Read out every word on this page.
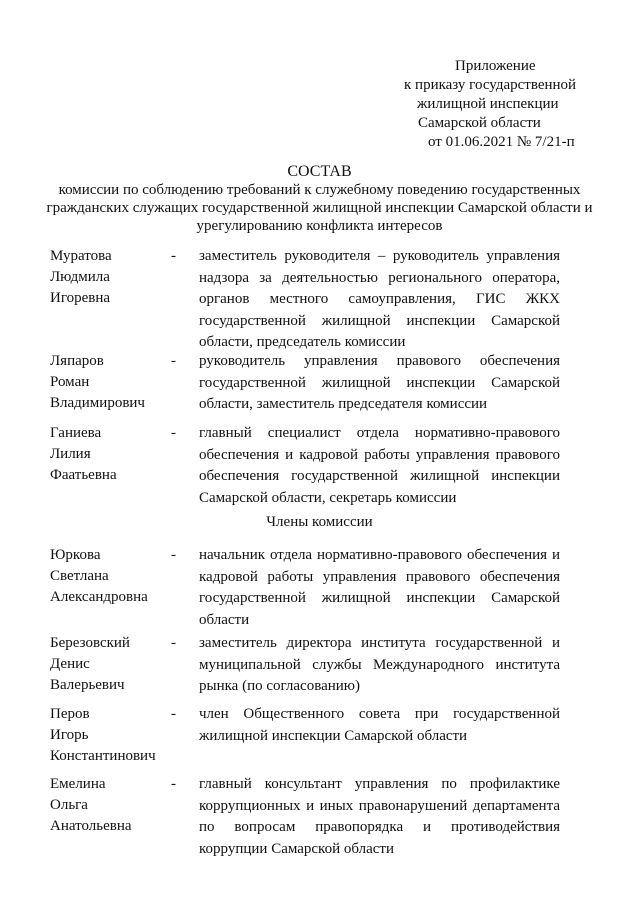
Приложение
к приказу государственной
жилищной инспекции
Самарской области
от 01.06.2021 № 7/21-п
СОСТАВ
комиссии по соблюдению требований к служебному поведению государственных
гражданских служащих государственной жилищной инспекции Самарской области и
урегулированию конфликта интересов
Муратова
Людмила
Игоревна
- заместитель руководителя – руководитель управления
надзора за деятельностью регионального оператора,
органов местного самоуправления, ГИС ЖКХ
государственной жилищной инспекции Самарской
области, председатель комиссии
Ляпаров
Роман
Владимирович
- руководитель управления правового обеспечения
государственной жилищной инспекции Самарской
области, заместитель председателя комиссии
Ганиева
Лилия
Фаатьевна
- главный специалист отдела нормативно-правового
обеспечения и кадровой работы управления правового
обеспечения государственной жилищной инспекции
Самарской области, секретарь комиссии
Члены комиссии
Юркова
Светлана
Александровна
- начальник отдела нормативно-правового обеспечения и
кадровой работы управления правового обеспечения
государственной жилищной инспекции Самарской
области
Березовский
Денис
Валерьевич
- заместитель директора института государственной и
муниципальной службы Международного института
рынка (по согласованию)
Перов
Игорь
Константинович
- член Общественного совета при государственной
жилищной инспекции Самарской области
Емелина
Ольга
Анатольевна
- главный консультант управления по профилактике
коррупционных и иных правонарушений департамента
по вопросам правопорядка и противодействия
коррупции Самарской области
